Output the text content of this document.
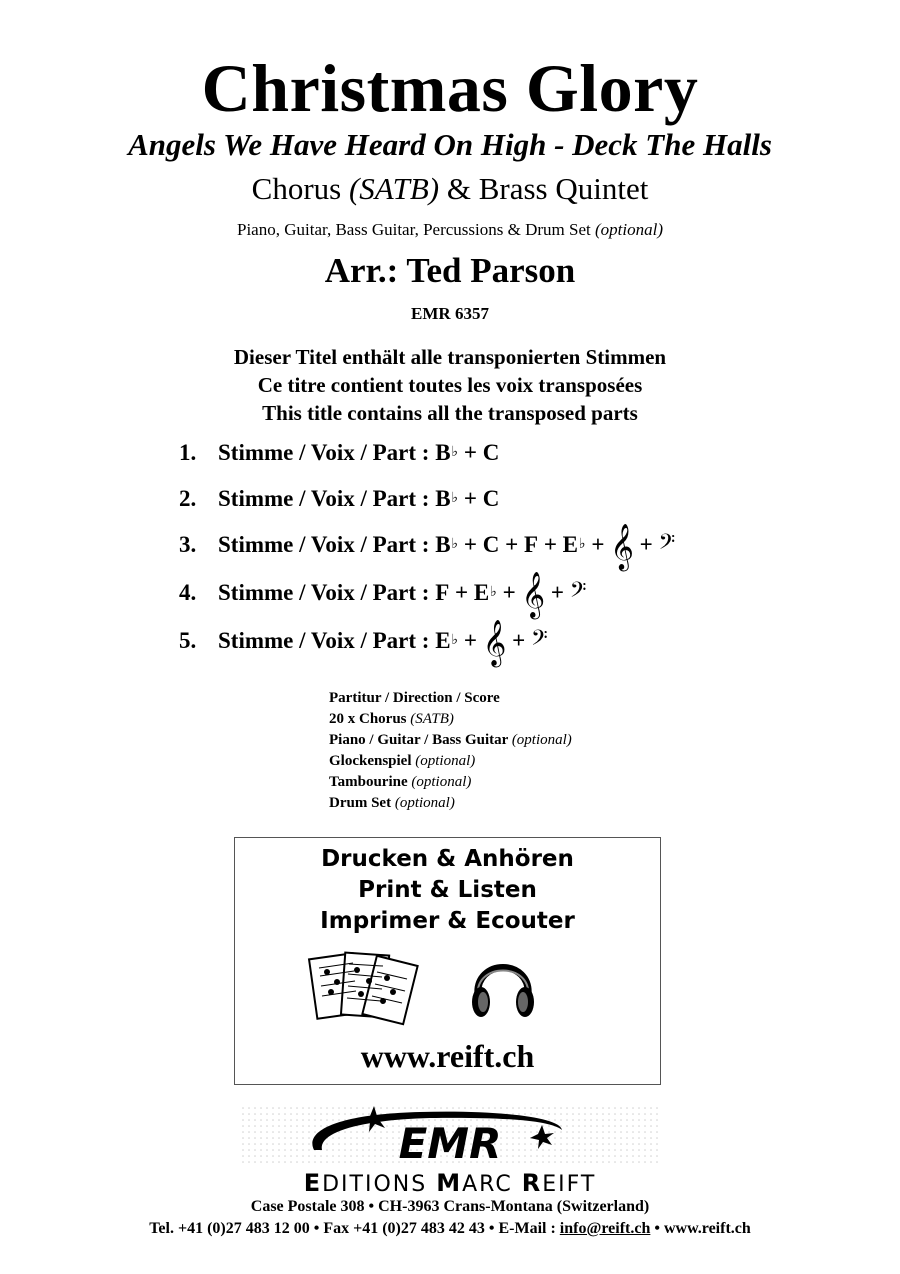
Christmas Glory
Angels We Have Heard On High - Deck The Halls
Chorus (SATB) & Brass Quintet
Piano, Guitar, Bass Guitar, Percussions & Drum Set (optional)
Arr.: Ted Parson
EMR 6357
Dieser Titel enthält alle transponierten Stimmen
Ce titre contient toutes les voix transposées
This title contains all the transposed parts
1. Stimme / Voix / Part :
B ♭
+
C
2. Stimme / Voix / Part :
B ♭
+
C
3. Stimme / Voix / Part :
B ♭
+
C
+
F
+
E ♭
+
𝄞
+
𝄢
4. Stimme / Voix / Part :
F
+
E ♭
+
𝄞
+
𝄢
5. Stimme / Voix / Part :
E ♭
+
𝄞
+
𝄢
Partitur / Direction / Score
20 x Chorus (SATB)
Piano / Guitar / Bass Guitar (optional)
Glockenspiel (optional)
Tambourine (optional)
Drum Set (optional)
Drucken & Anhören
Print & Listen
Imprimer & Ecouter
www.reift.ch
EMR
EDITIONS MARC REIFT
Case Postale 308 • CH-3963 Crans-Montana (Switzerland)
Tel. +41 (0)27 483 12 00 • Fax +41 (0)27 483 42 43 • E-Mail : info@reift.ch • www.reift.ch
